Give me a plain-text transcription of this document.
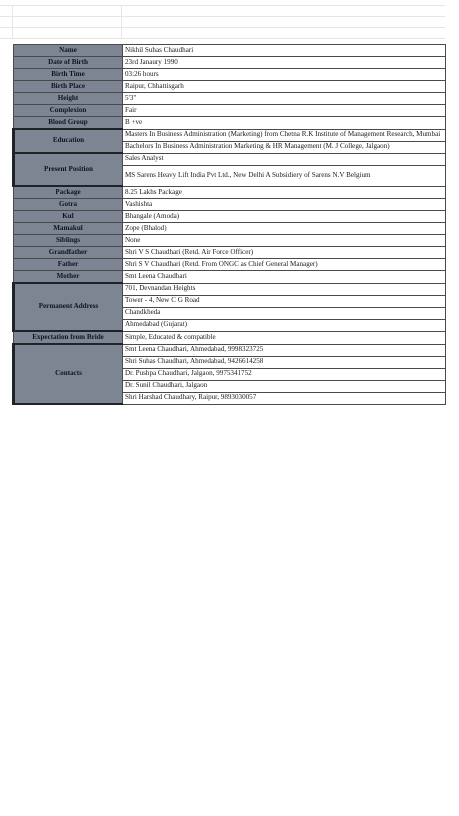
Name	Nikhil Suhas Chaudhari
Date of Birth	23rd Janaury 1990
Birth Time	03:26 hours
Birth Place	Raipur, Chhattisgarh
Height	5'3"
Complexion	Fair
Blood Group	B +ve
Education	Masters In Business Administration (Marketing) from Chetna R.K Institute of Management Research, Mumbai
	Bachelors In Business Administration Marketing & HR Management (M. J College, Jalgaon)
Present Position	Sales Analyst
	MS Sarens Heavy Lift India Pvt Ltd., New Delhi A Subsidiery of Sarens N.V Belgium
Package	8.25 Lakhs Package
Gotra	Vashishta
Kul	Bhangale (Amoda)
Mamakul	Zope (Bhalod)
Siblings	None
Grandfather	Shri V S Chaudhari (Retd. Air Force Officer)
Father	Shri S V Chaudhari (Retd. From ONGC as Chief General Manager)
Mother	Smt Leena Chaudhari
Permanent Address	701, Devnandan Heights
	Tower - 4, New C G Road
	Chandkheda
	Ahmedabad (Gujarat)
Expectation from Bride	Simple, Educated & compatible
Contacts	Smt Leena Chaudhari, Ahmedabad, 9998323725
	Shri Suhas Chaudhari, Ahmedabad, 9426614258
	Dr. Pushpa Chaudhari, Jalgaon, 9975341752
	Dr. Sunil Chaudhari, Jalgaon
	Shri Harshad Chaudhary, Raipur, 9893030057
